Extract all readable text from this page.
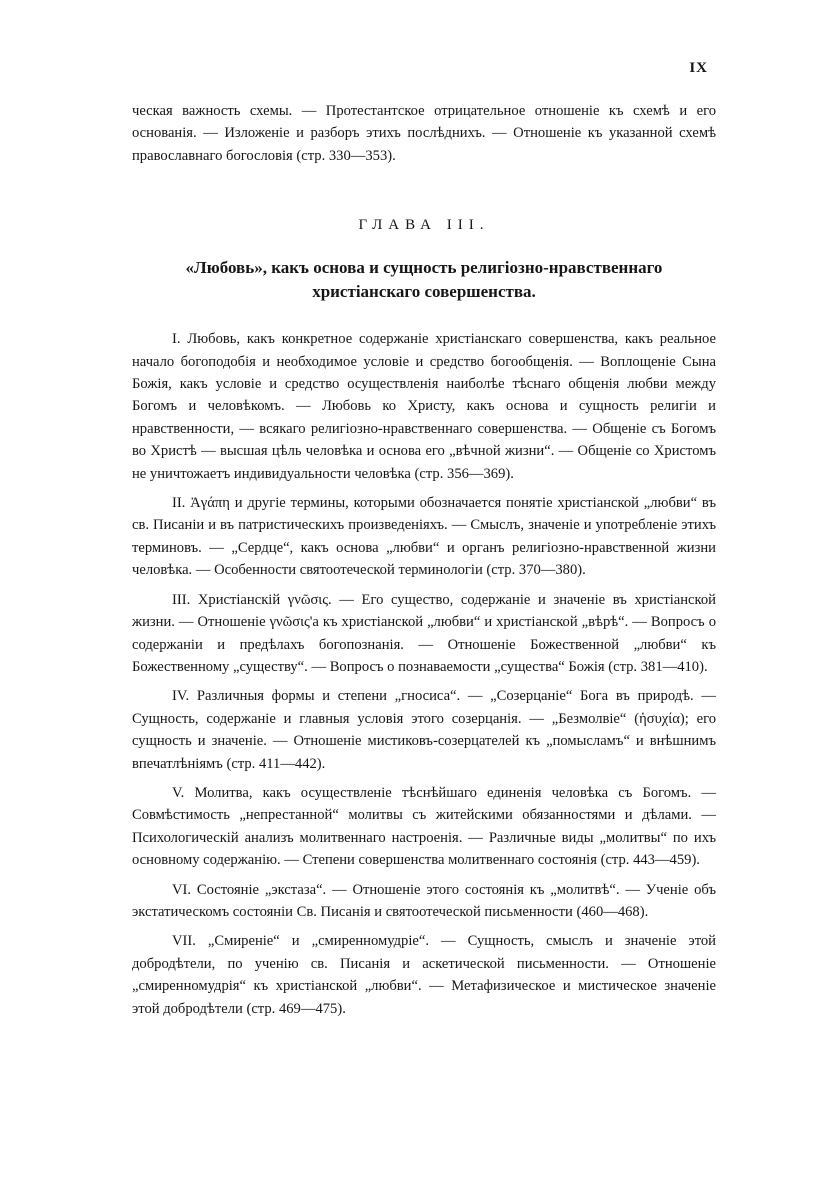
IX

ческая важность схемы. — Протестантское отрицательное отношеніе къ схемѣ и его основанія. — Изложеніе и разборъ этихъ послѣднихъ. — Отношеніе къ указанной схемѣ православнаго богословія (стр. 330—353).

ГЛАВА III.
«Любовь», какъ основа и сущность религіозно-нравственнаго
христіанскаго совершенства.

I. Любовь, какъ конкретное содержаніе христіанскаго совершенства, какъ реальное начало богоподобія и необходимое условіе и средство богообщенія. — Воплощеніе Сына Божія, какъ условіе и средство осуществленія наиболѣе тѣснаго общенія любви между Богомъ и человѣкомъ. — Любовь ко Христу, какъ основа и сущность религіи и нравственности, — всякаго религіозно-нравственнаго совершенства. — Общеніе съ Богомъ во Христѣ — высшая цѣль человѣка и основа его „вѣчной жизни“. — Общеніе со Христомъ не уничтожаетъ индивидуальности человѣка (стр. 356—369).

II. Ἀγάπη и другіе термины, которыми обозначается понятіе христіанской „любви“ въ св. Писаніи и въ патристическихъ произведеніяхъ. — Смыслъ, значеніе и употребленіе этихъ терминовъ. — „Сердце“, какъ основа „любви“ и органъ религіозно-нравственной жизни человѣка. — Особенности святоотеческой терминологіи (стр. 370—380).

III. Христіанскій γνῶσις. — Его существо, содержаніе и значеніе въ христіанской жизни. — Отношеніе γνῶσις'а къ христіанской „любви“ и христіанской „вѣрѣ“. — Вопросъ о содержаніи и предѣлахъ богопознанія. — Отношеніе Божественной „любви“ къ Божественному „существу“. — Вопросъ о познаваемости „существа“ Божія (стр. 381—410).

IV. Различныя формы и степени „гносиса“. — „Созерцаніе“ Бога въ природѣ. — Сущность, содержаніе и главныя условія этого созерцанія. — „Безмолвіе“ (ἡσυχία); его сущность и значеніе. — Отношеніе мистиковъ-созерцателей къ „помысламъ“ и внѣшнимъ впечатлѣніямъ (стр. 411—442).

V. Молитва, какъ осуществленіе тѣснѣйшаго единенія человѣка съ Богомъ. — Совмѣстимость „непрестанной“ молитвы съ житейскими обязанностями и дѣлами. — Психологическій анализъ молитвеннаго настроенія. — Различные виды „молитвы“ по ихъ основному содержанію. — Степени совершенства молитвеннаго состоянія (стр. 443—459).

VI. Состояніе „экстаза“. — Отношеніе этого состоянія къ „молитвѣ“. — Ученіе объ экстатическомъ состояніи Св. Писанія и святоотеческой письменности (460—468).

VII. „Смиреніе“ и „смиренномудріе“. — Сущность, смыслъ и значеніе этой добродѣтели, по ученію св. Писанія и аскетической письменности. — Отношеніе „смиренномудрія“ къ христіанской „любви“. — Метафизическое и мистическое значеніе этой добродѣтели (стр. 469—475).
